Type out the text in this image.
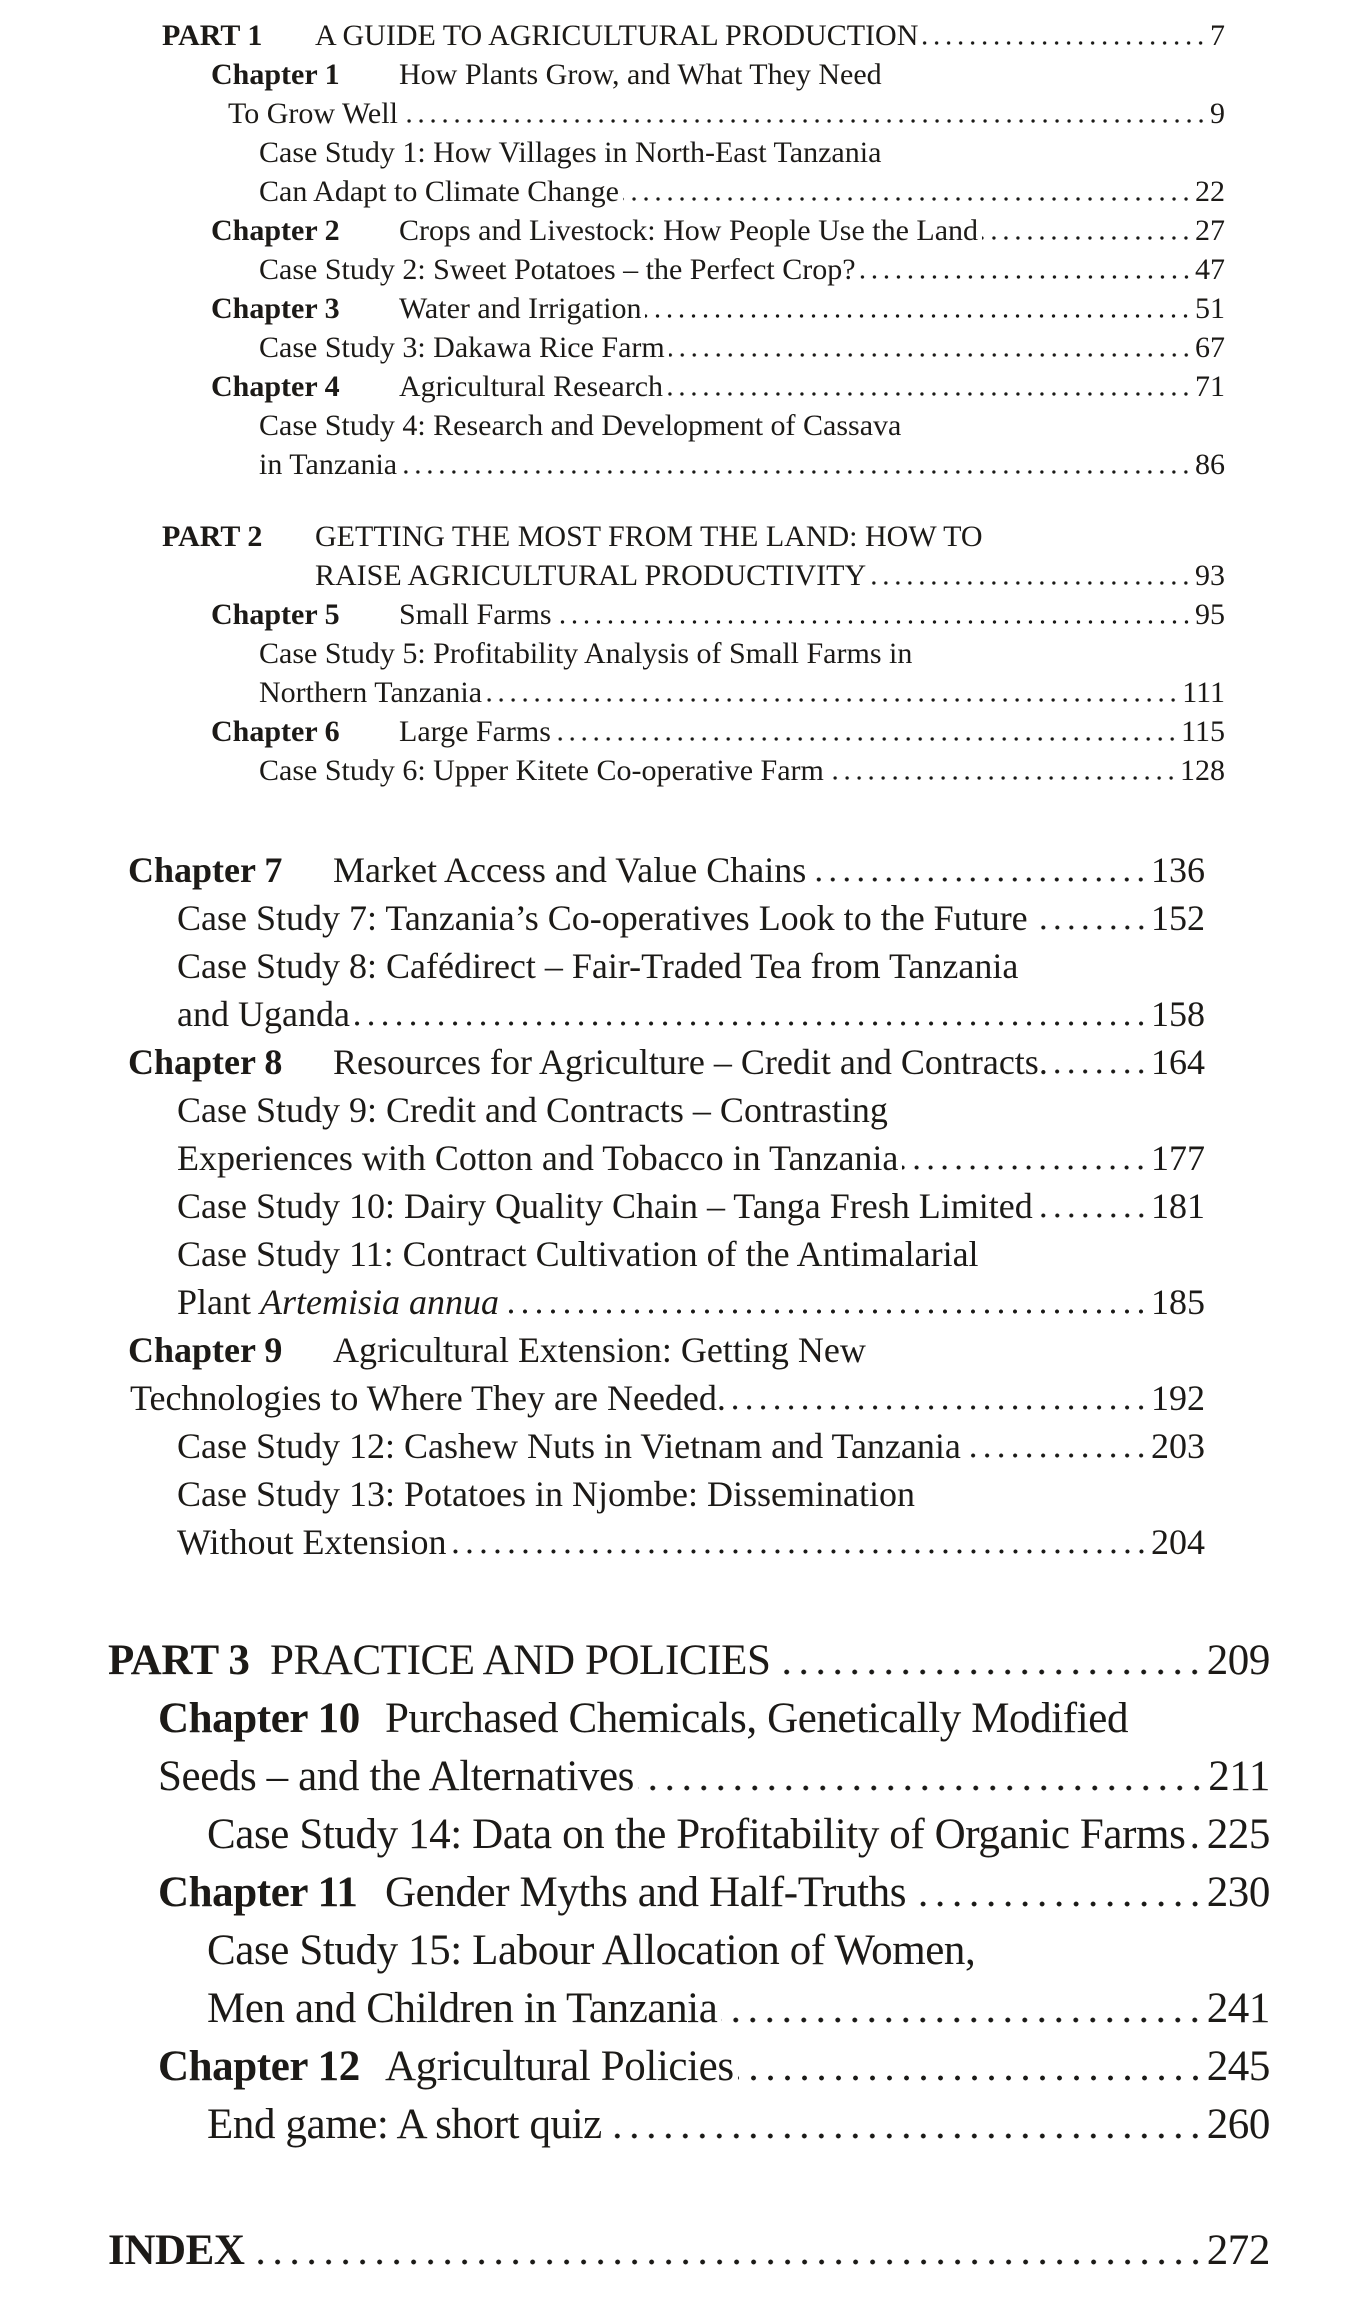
PART 1	A GUIDE TO AGRICULTURAL PRODUCTION	7
Chapter 1	How Plants Grow, and What They Need
To Grow Well	9
Case Study 1: How Villages in North-East Tanzania
Can Adapt to Climate Change	22
Chapter 2	Crops and Livestock: How People Use the Land	27
Case Study 2: Sweet Potatoes – the Perfect Crop?	47
Chapter 3	Water and Irrigation	51
Case Study 3: Dakawa Rice Farm	67
Chapter 4	Agricultural Research	71
Case Study 4: Research and Development of Cassava
in Tanzania	86
PART 2	GETTING THE MOST FROM THE LAND: HOW TO
RAISE AGRICULTURAL PRODUCTIVITY	93
Chapter 5	Small Farms	95
Case Study 5: Profitability Analysis of Small Farms in
Northern Tanzania	111
Chapter 6	Large Farms	115
Case Study 6: Upper Kitete Co-operative Farm	128
Chapter 7	Market Access and Value Chains	136
Case Study 7: Tanzania’s Co-operatives Look to the Future	152
Case Study 8: Cafédirect – Fair-Traded Tea from Tanzania
and Uganda	158
Chapter 8	Resources for Agriculture – Credit and Contracts.	164
Case Study 9: Credit and Contracts – Contrasting
Experiences with Cotton and Tobacco in Tanzania	177
Case Study 10: Dairy Quality Chain – Tanga Fresh Limited	181
Case Study 11: Contract Cultivation of the Antimalarial
Plant Artemisia annua	185
Chapter 9	Agricultural Extension: Getting New
Technologies to Where They are Needed.	192
Case Study 12: Cashew Nuts in Vietnam and Tanzania	203
Case Study 13: Potatoes in Njombe: Dissemination
Without Extension	204
PART 3 PRACTICE AND POLICIES	209
Chapter 10 Purchased Chemicals, Genetically Modified
Seeds – and the Alternatives	211
Case Study 14: Data on the Profitability of Organic Farms 225
Chapter 11 Gender Myths and Half-Truths	230
Case Study 15: Labour Allocation of Women,
Men and Children in Tanzania	241
Chapter 12 Agricultural Policies	245
End game: A short quiz	260
INDEX	272
